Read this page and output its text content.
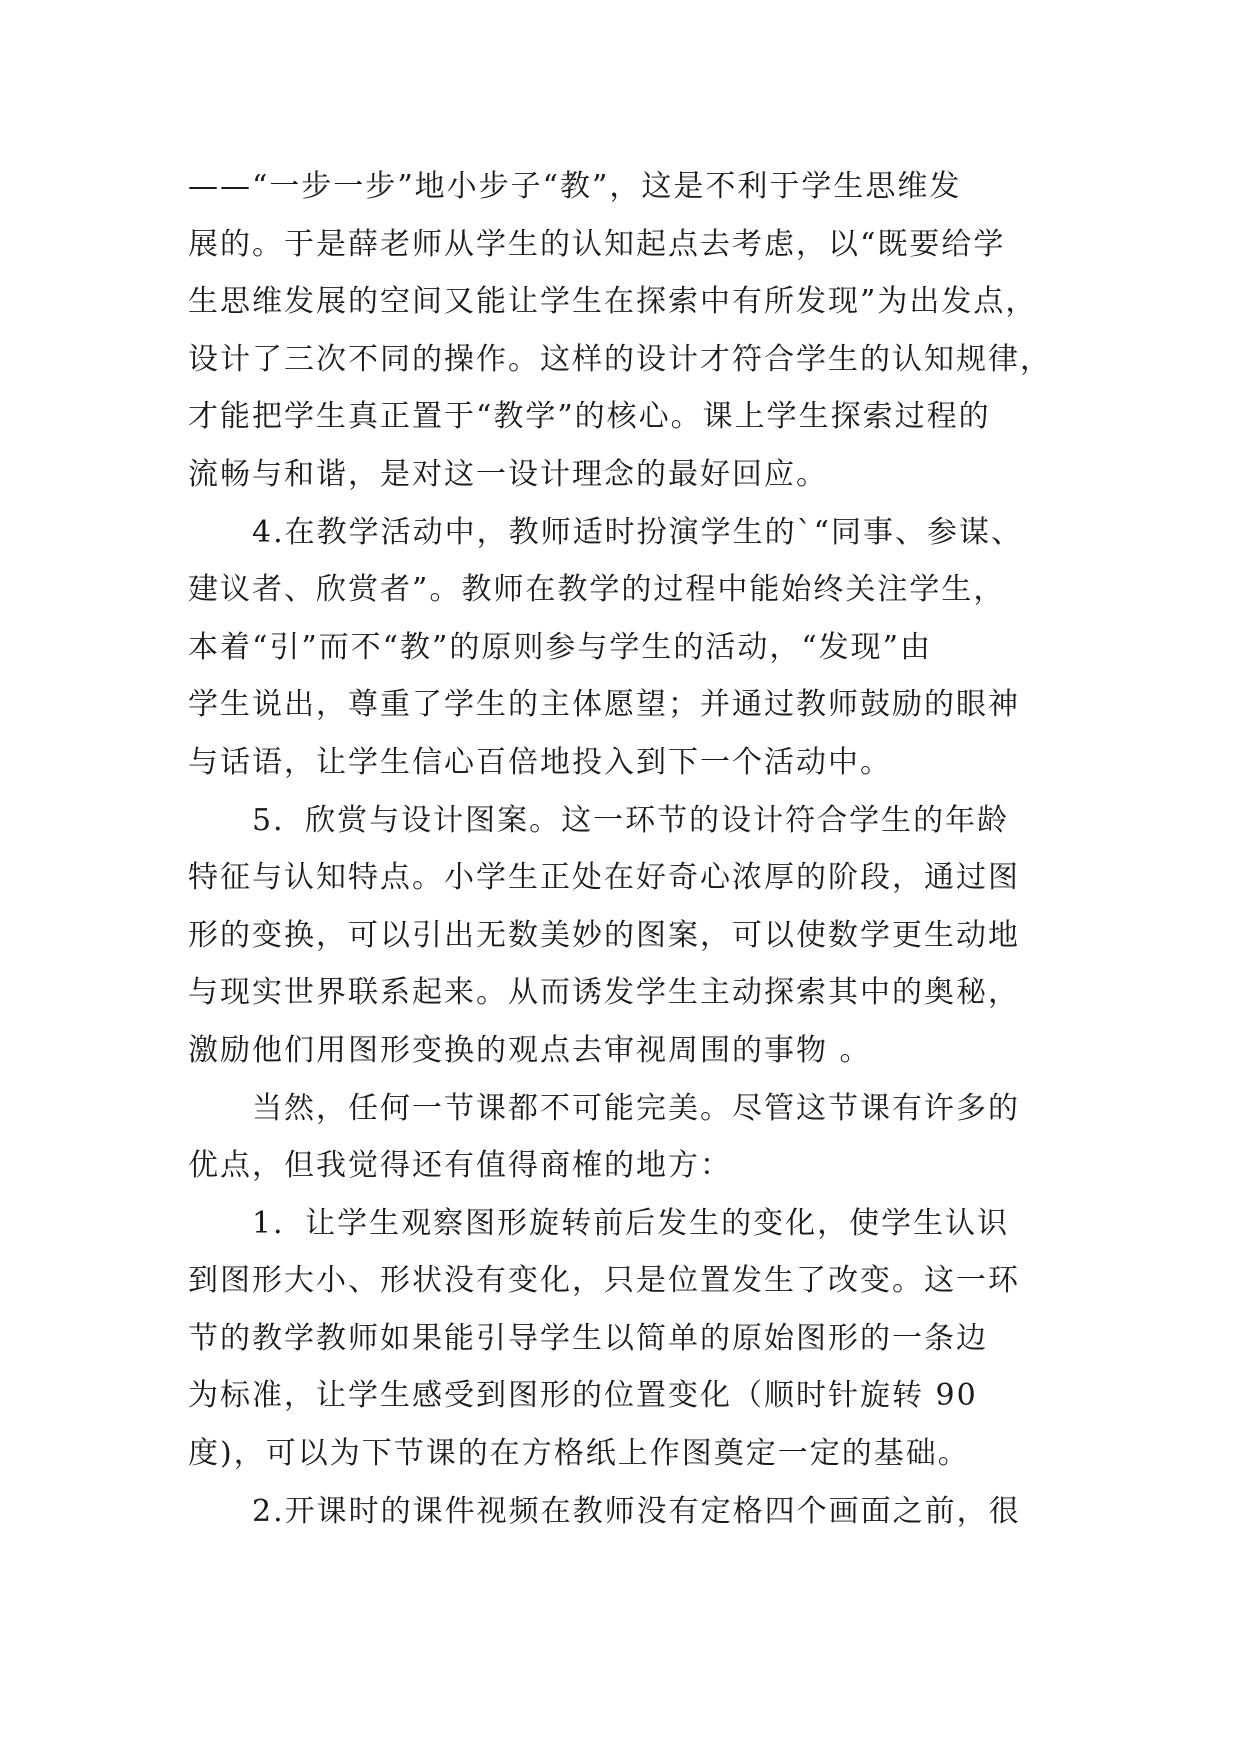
——“一步一步”地小步子“教”，这是不利于学生思维发
展的。于是薛老师从学生的认知起点去考虑，以“既要给学
生思维发展的空间又能让学生在探索中有所发现”为出发点，
设计了三次不同的操作。这样的设计才符合学生的认知规律，
才能把学生真正置于“教学”的核心。课上学生探索过程的
流畅与和谐，是对这一设计理念的最好回应。
4.在教学活动中，教师适时扮演学生的`“同事、参谋、
建议者、欣赏者”。教师在教学的过程中能始终关注学生，
本着“引”而不“教”的原则参与学生的活动，“发现”由
学生说出，尊重了学生的主体愿望；并通过教师鼓励的眼神
与话语，让学生信心百倍地投入到下一个活动中。
5．欣赏与设计图案。这一环节的设计符合学生的年龄
特征与认知特点。小学生正处在好奇心浓厚的阶段，通过图
形的变换，可以引出无数美妙的图案，可以使数学更生动地
与现实世界联系起来。从而诱发学生主动探索其中的奥秘，
激励他们用图形变换的观点去审视周围的事物 。
当然，任何一节课都不可能完美。尽管这节课有许多的
优点，但我觉得还有值得商榷的地方：
1．让学生观察图形旋转前后发生的变化，使学生认识
到图形大小、形状没有变化，只是位置发生了改变。这一环
节的教学教师如果能引导学生以简单的原始图形的一条边
为标准，让学生感受到图形的位置变化（顺时针旋转 90
度)，可以为下节课的在方格纸上作图奠定一定的基础。
2.开课时的课件视频在教师没有定格四个画面之前，很
